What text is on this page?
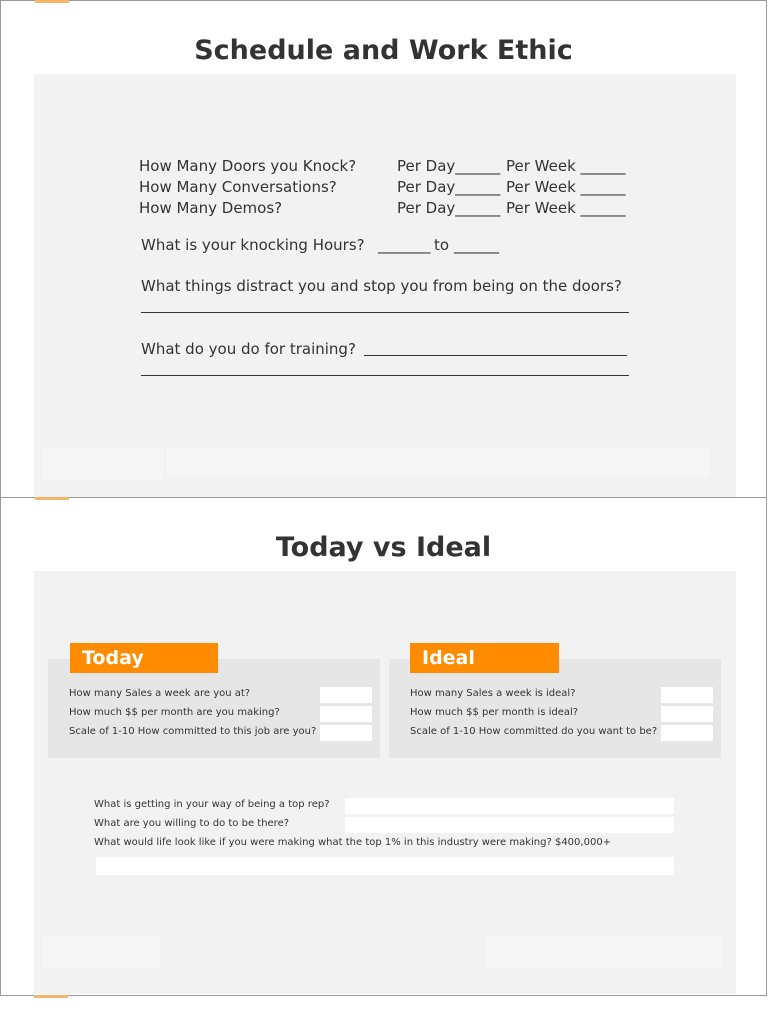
Schedule and Work Ethic
How Many Doors you Knock?	Per Day______ Per Week ______
How Many Conversations?	Per Day______ Per Week ______
How Many Demos?	Per Day______ Per Week ______
What is your knocking Hours? _______ to ______
What things distract you and stop you from being on the doors?
What do you do for training?
Today vs Ideal
Today
How many Sales a week are you at?
How much $$ per month are you making?
Scale of 1-10 How committed to this job are you?
Ideal
How many Sales a week is ideal?
How much $$ per month is ideal?
Scale of 1-10 How committed do you want to be?
What is getting in your way of being a top rep?
What are you willing to do to be there?
What would life look like if you were making what the top 1% in this industry were making? $400,000+
